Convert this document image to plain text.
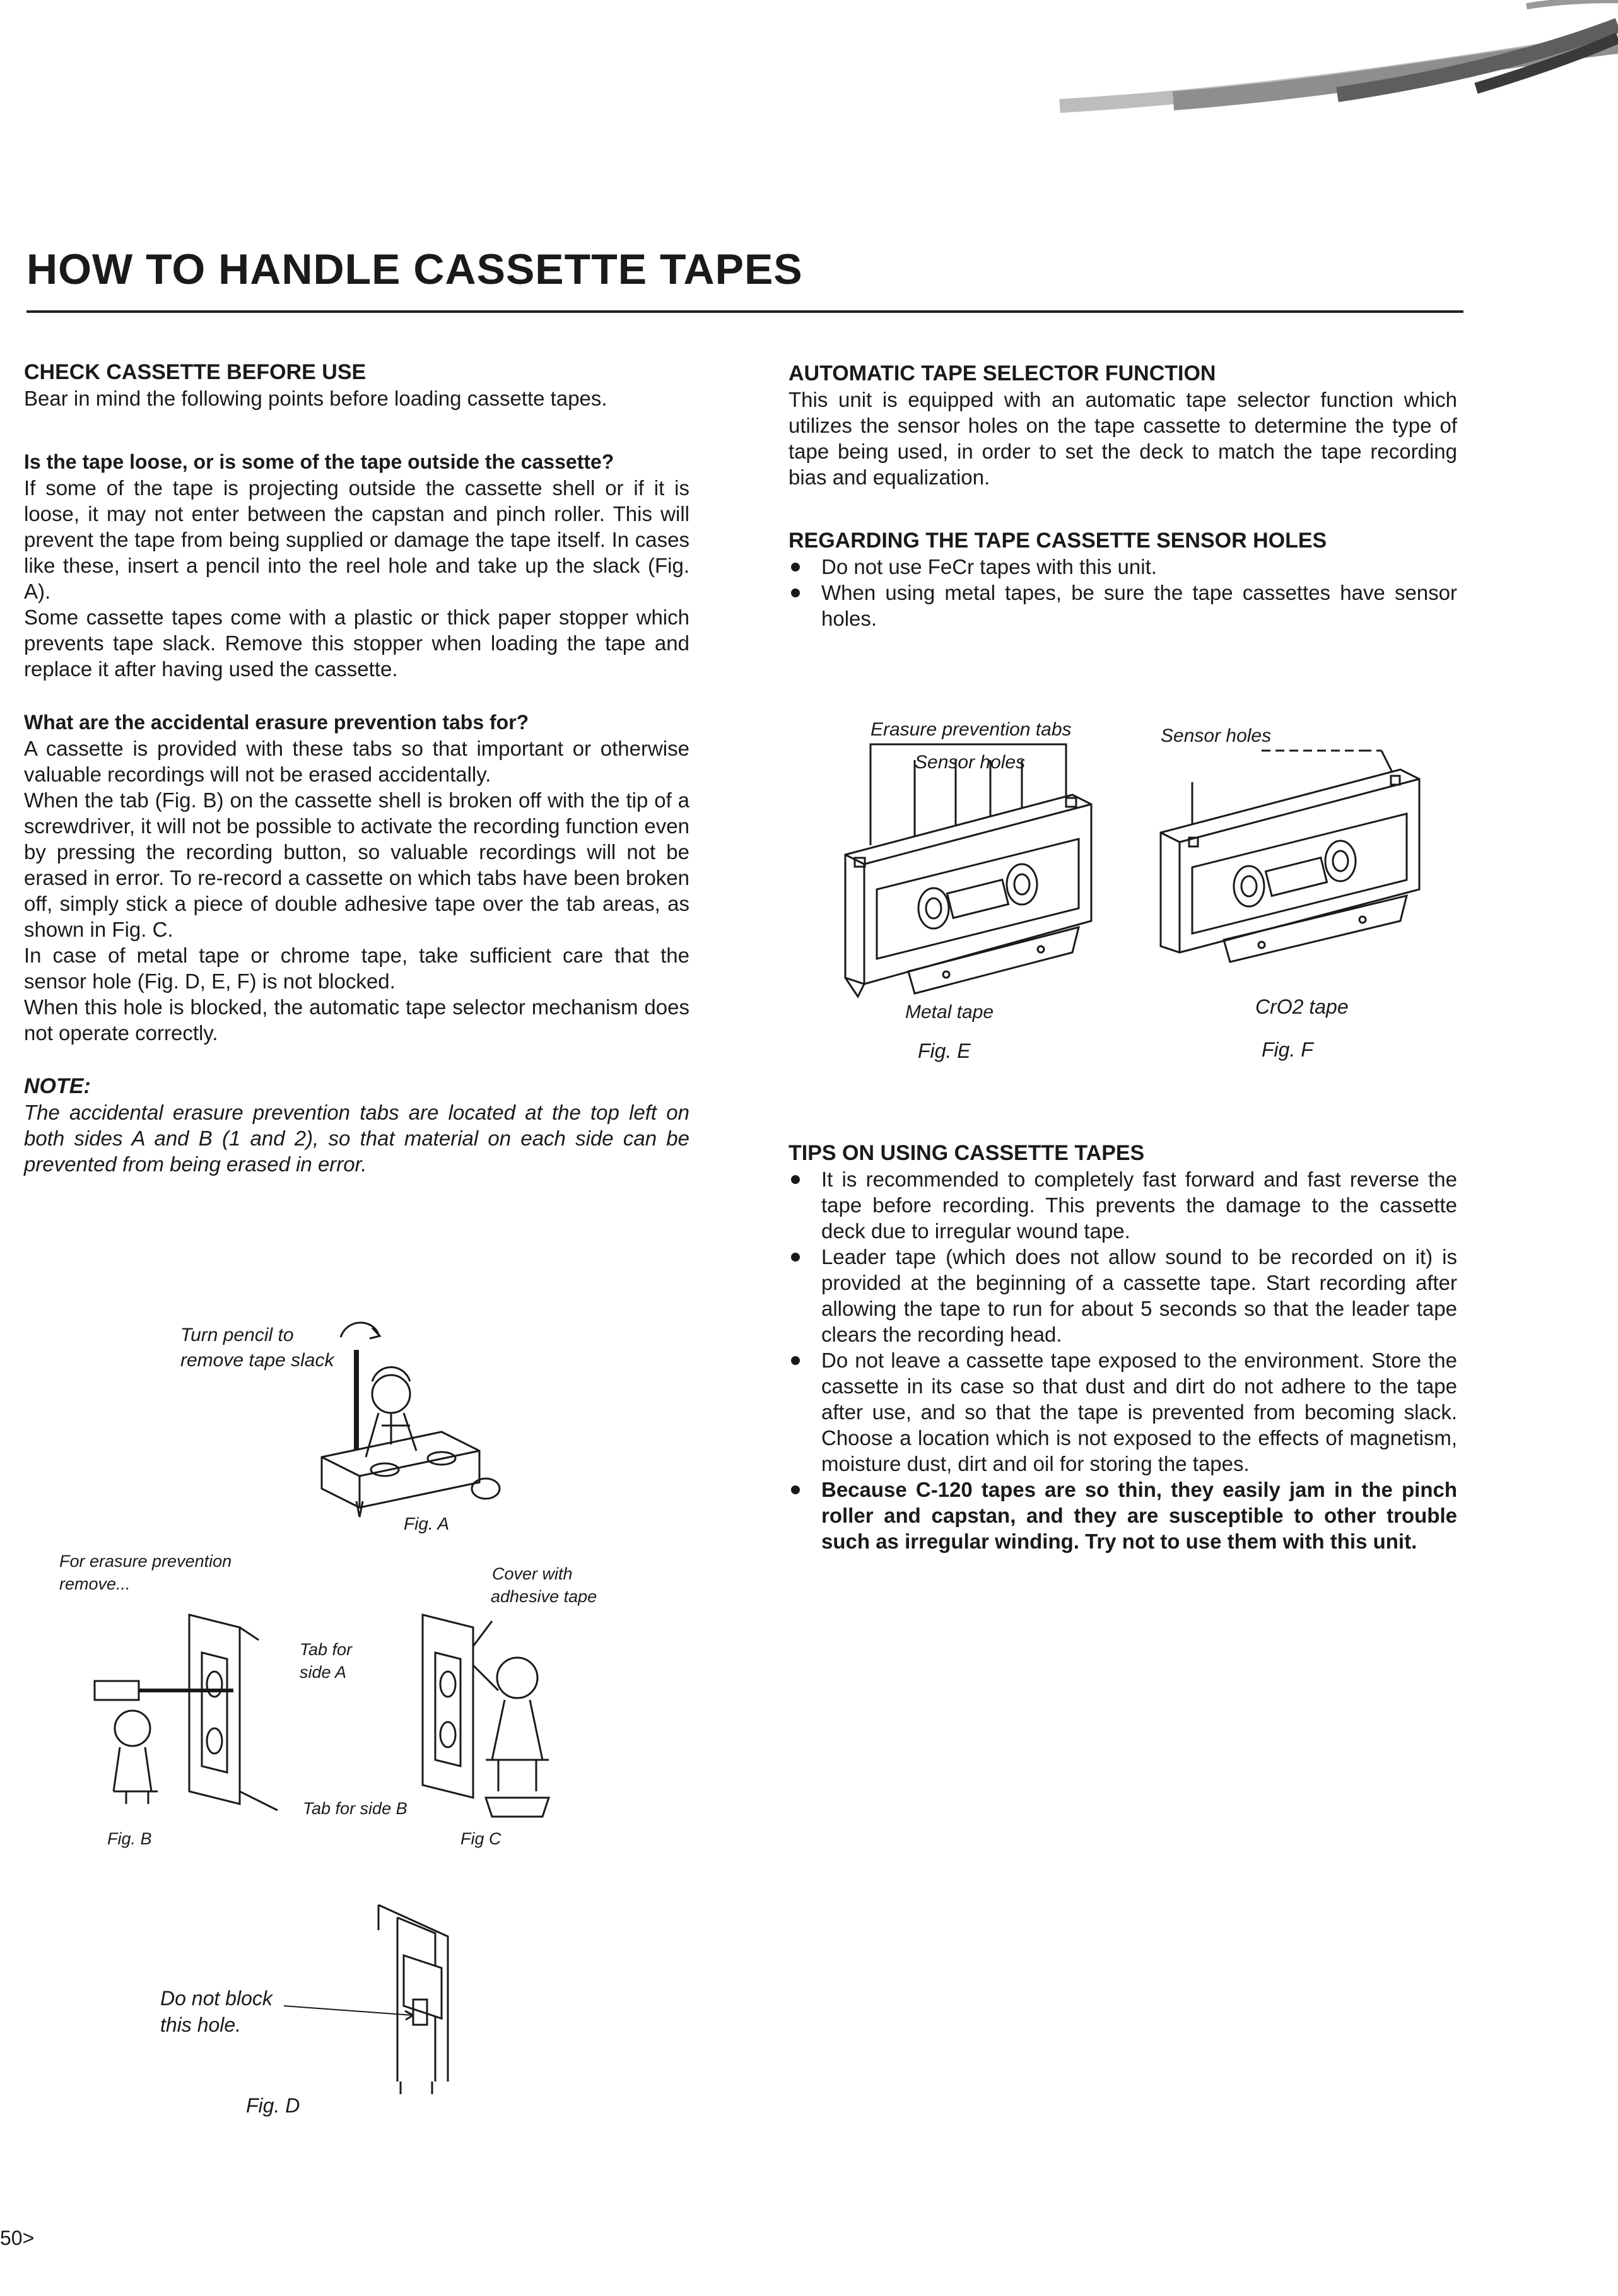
HOW TO HANDLE CASSETTE TAPES

CHECK CASSETTE BEFORE USE

Bear in mind the following points before loading cassette tapes.

Is the tape loose, or is some of the tape outside the cassette?

If some of the tape is projecting outside the cassette shell or if it is loose, it may not enter between the capstan and pinch roller. This will prevent the tape from being supplied or damage the tape itself. In cases like these, insert a pencil into the reel hole and take up the slack (Fig. A).

Some cassette tapes come with a plastic or thick paper stopper which prevents tape slack. Remove this stopper when loading the tape and replace it after having used the cassette.

What are the accidental erasure prevention tabs for?

A cassette is provided with these tabs so that important or otherwise valuable recordings will not be erased accidentally.

When the tab (Fig. B) on the cassette shell is broken off with the tip of a screwdriver, it will not be possible to activate the recording function even by pressing the recording button, so valuable recordings will not be erased in error. To re-record a cassette on which tabs have been broken off, simply stick a piece of double adhesive tape over the tab areas, as shown in Fig. C.

In case of metal tape or chrome tape, take sufficient care that the sensor hole (Fig. D, E, F) is not blocked.

When this hole is blocked, the automatic tape selector mechanism does not operate correctly.

NOTE:

The accidental erasure prevention tabs are located at the top left on both sides A and B (1 and 2), so that material on each side can be prevented from being erased in error.

AUTOMATIC TAPE SELECTOR FUNCTION

This unit is equipped with an automatic tape selector function which utilizes the sensor holes on the tape cassette to determine the type of tape being used, in order to set the deck to match the tape recording bias and equalization.

REGARDING THE TAPE CASSETTE SENSOR HOLES

Do not use FeCr tapes with this unit.
When using metal tapes, be sure the tape cassettes have sensor holes.

TIPS ON USING CASSETTE TAPES

It is recommended to completely fast forward and fast reverse the tape before recording. This prevents the damage to the cassette deck due to irregular wound tape.
Leader tape (which does not allow sound to be recorded on it) is provided at the beginning of a cassette tape. Start recording after allowing the tape to run for about 5 seconds so that the leader tape clears the recording head.
Do not leave a cassette tape exposed to the environment. Store the cassette in its case so that dust and dirt do not adhere to the tape after use, and so that the tape is prevented from becoming slack. Choose a location which is not exposed to the effects of magnetism, moisture dust, dirt and oil for storing the tapes.
Because C-120 tapes are so thin, they easily jam in the pinch roller and capstan, and they are susceptible to other trouble such as irregular winding. Try not to use them with this unit.
Erasure prevention tabs
Sensor holes
Metal tape
Fig. E
Sensor holes
CrO2 tape
Fig. F
Turn pencil to
remove tape slack
Fig. A
For erasure prevention
remove...
Tab for
side A
Tab for side B
Fig. B
Cover with
adhesive tape
Fig C
Do not block
this hole.
Fig. D
50>
